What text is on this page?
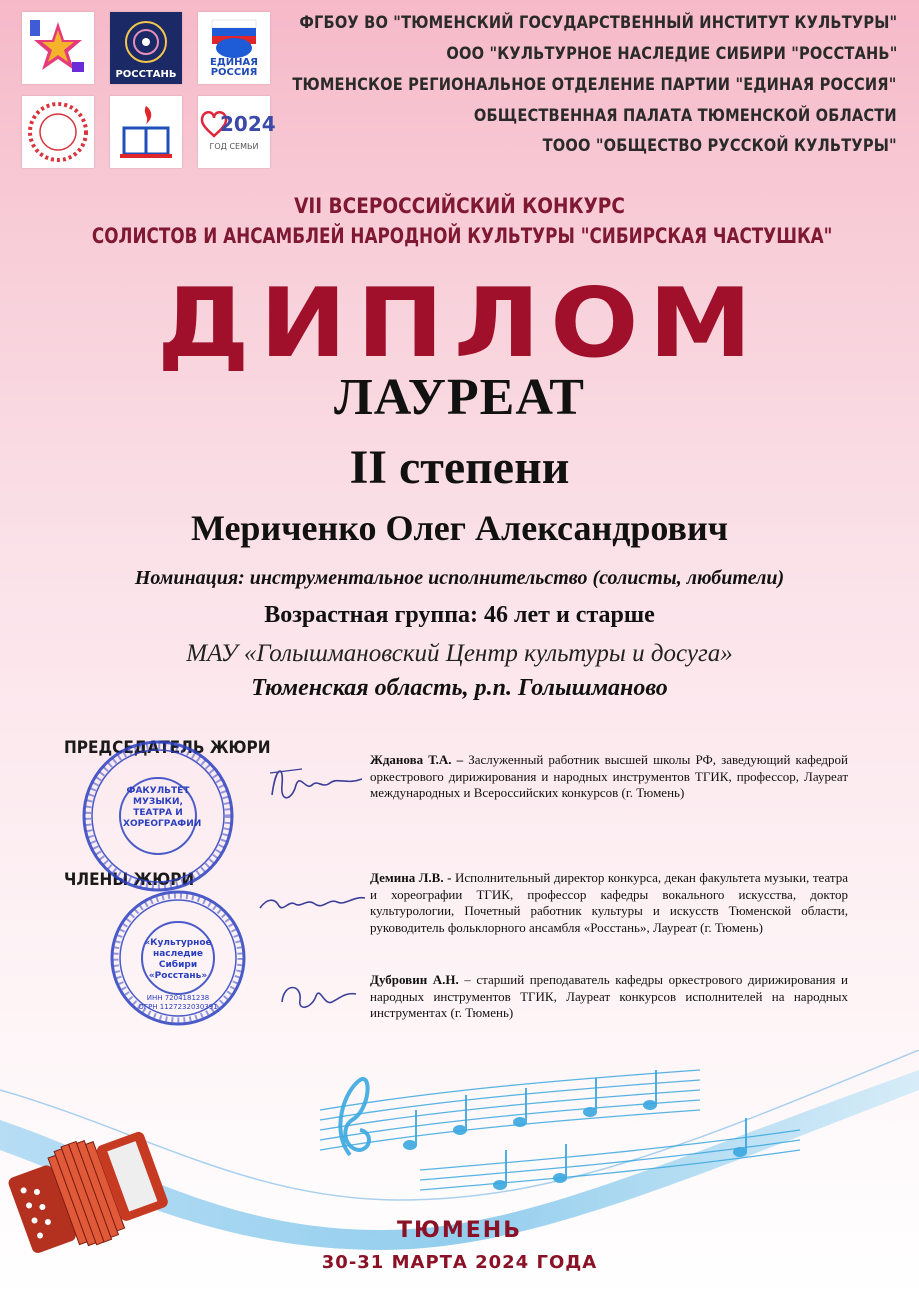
РОССТАНЬ
ЕДИНАЯ РОССИЯ
2024
ГОД СЕМЬИ
ФГБОУ ВО "ТЮМЕНСКИЙ ГОСУДАРСТВЕННЫЙ ИНСТИТУТ КУЛЬТУРЫ"
ООО "КУЛЬТУРНОЕ НАСЛЕДИЕ СИБИРИ "РОССТАНЬ"
ТЮМЕНСКОЕ РЕГИОНАЛЬНОЕ ОТДЕЛЕНИЕ ПАРТИИ "ЕДИНАЯ РОССИЯ"
ОБЩЕСТВЕННАЯ ПАЛАТА ТЮМЕНСКОЙ ОБЛАСТИ
ТООО "ОБЩЕСТВО РУССКОЙ КУЛЬТУРЫ"
VII ВСЕРОССИЙСКИЙ КОНКУРС
СОЛИСТОВ И АНСАМБЛЕЙ НАРОДНОЙ КУЛЬТУРЫ "СИБИРСКАЯ ЧАСТУШКА"
ДИПЛОМ
ЛАУРЕАТ
II степени
Мериченко Олег Александрович
Номинация: инструментальное исполнительство (солисты, любители)
Возрастная группа: 46 лет и старше
МАУ «Голышмановский Центр культуры и досуга»
Тюменская область, р.п. Голышманово
ПРЕДСЕДАТЕЛЬ ЖЮРИ
ЧЛЕНЫ ЖЮРИ
ФАКУЛЬТЕТ МУЗЫКИ, ТЕАТРА И ХОРЕОГРАФИИ
«Культурное наследие Сибири «Росстань»
ИНН 7204181238
ОГРН 1127232030391
Жданова Т.А. – Заслуженный работник высшей школы РФ, заведующий кафедрой оркестрового дирижирования и народных инструментов ТГИК, профессор, Лауреат международных и Всероссийских конкурсов (г. Тюмень)
Демина Л.В. - Исполнительный директор конкурса, декан факультета музыки, театра и хореографии ТГИК, профессор кафедры вокального искусства, доктор культурологии, Почетный работник культуры и искусств Тюменской области, руководитель фольклорного ансамбля «Росстань», Лауреат (г. Тюмень)
Дубровин А.Н. – старший преподаватель кафедры оркестрового дирижирования и народных инструментов ТГИК, Лауреат конкурсов исполнителей на народных инструментах (г. Тюмень)
ТЮМЕНЬ
30-31 МАРТА 2024 ГОДА
